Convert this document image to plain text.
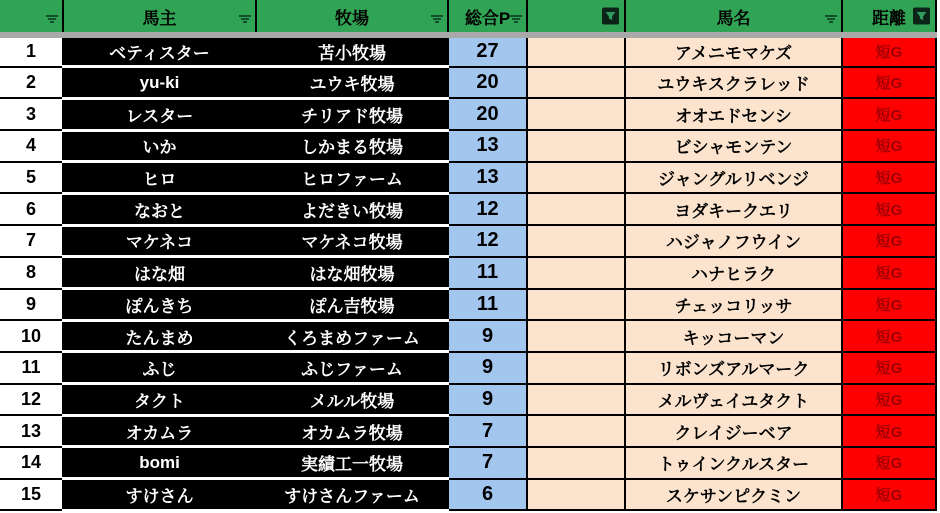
	馬主	牧場	総合P		馬名	距離

1	ベティスター	苫小牧場	27		アメニモマケズ	短G
2	yu-ki	ユウキ牧場	20		ユウキスクラレッド	短G
3	レスター	チリアド牧場	20		オオエドセンシ	短G
4	いか	しかまる牧場	13		ビシャモンテン	短G
5	ヒロ	ヒロファーム	13		ジャングルリベンジ	短G
6	なおと	よだきい牧場	12		ヨダキークエリ	短G
7	マケネコ	マケネコ牧場	12		ハジャノフウイン	短G
8	はな畑	はな畑牧場	11		ハナヒラク	短G
9	ぽんきち	ぽん吉牧場	11		チェッコリッサ	短G
10	たんまめ	くろまめファーム	9		キッコーマン	短G
11	ふじ	ふじファーム	9		リボンズアルマーク	短G
12	タクト	メルル牧場	9		メルヴェイユタクト	短G
13	オカムラ	オカムラ牧場	7		クレイジーベア	短G
14	bomi	実績工一牧場	7		トゥインクルスター	短G
15	すけさん	すけさんファーム	6		スケサンピクミン	短G
